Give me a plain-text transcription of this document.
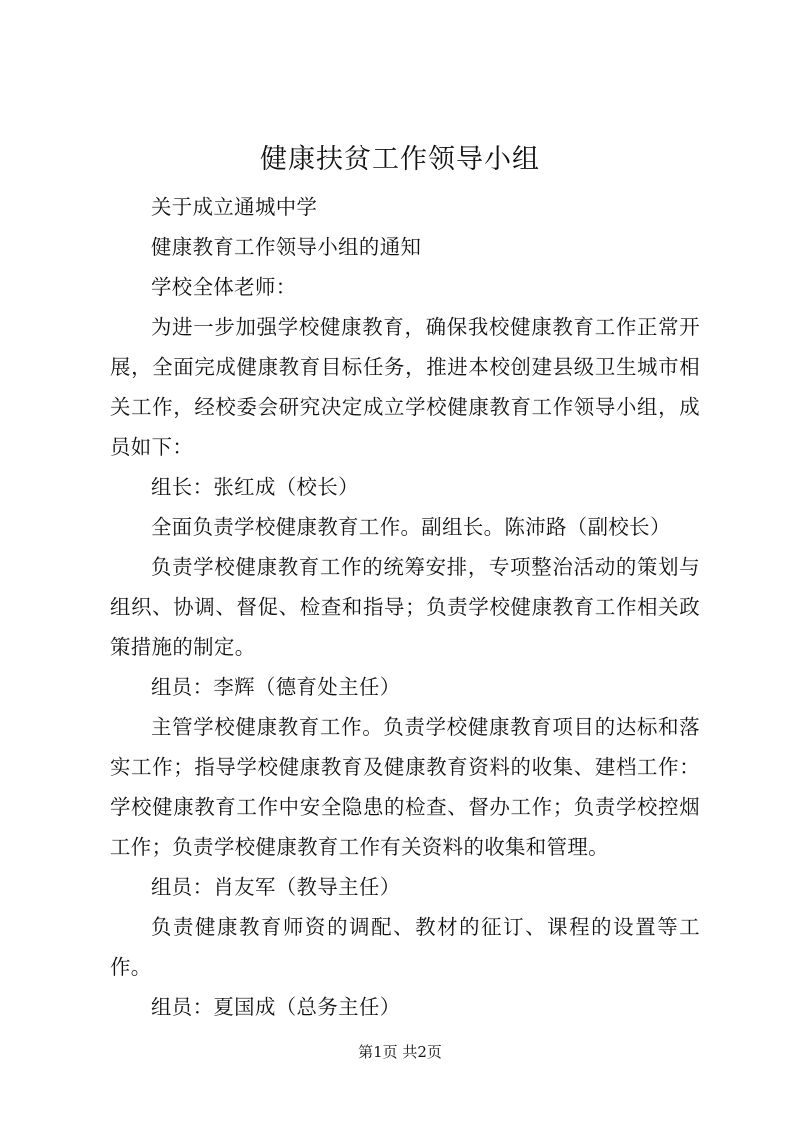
健康扶贫工作领导小组

关于成立通城中学

健康教育工作领导小组的通知

学校全体老师：

为进一步加强学校健康教育，确保我校健康教育工作正常开展，全面完成健康教育目标任务，推进本校创建县级卫生城市相关工作，经校委会研究决定成立学校健康教育工作领导小组，成员如下：

组长：张红成（校长）

全面负责学校健康教育工作。副组长。陈沛路（副校长）

负责学校健康教育工作的统筹安排，专项整治活动的策划与组织、协调、督促、检查和指导；负责学校健康教育工作相关政策措施的制定。

组员：李辉（德育处主任）

主管学校健康教育工作。负责学校健康教育项目的达标和落实工作；指导学校健康教育及健康教育资料的收集、建档工作：学校健康教育工作中安全隐患的检查、督办工作；负责学校控烟工作；负责学校健康教育工作有关资料的收集和管理。

组员：肖友军（教导主任）

负责健康教育师资的调配、教材的征订、课程的设置等工作。

组员：夏国成（总务主任）

第1页 共2页
